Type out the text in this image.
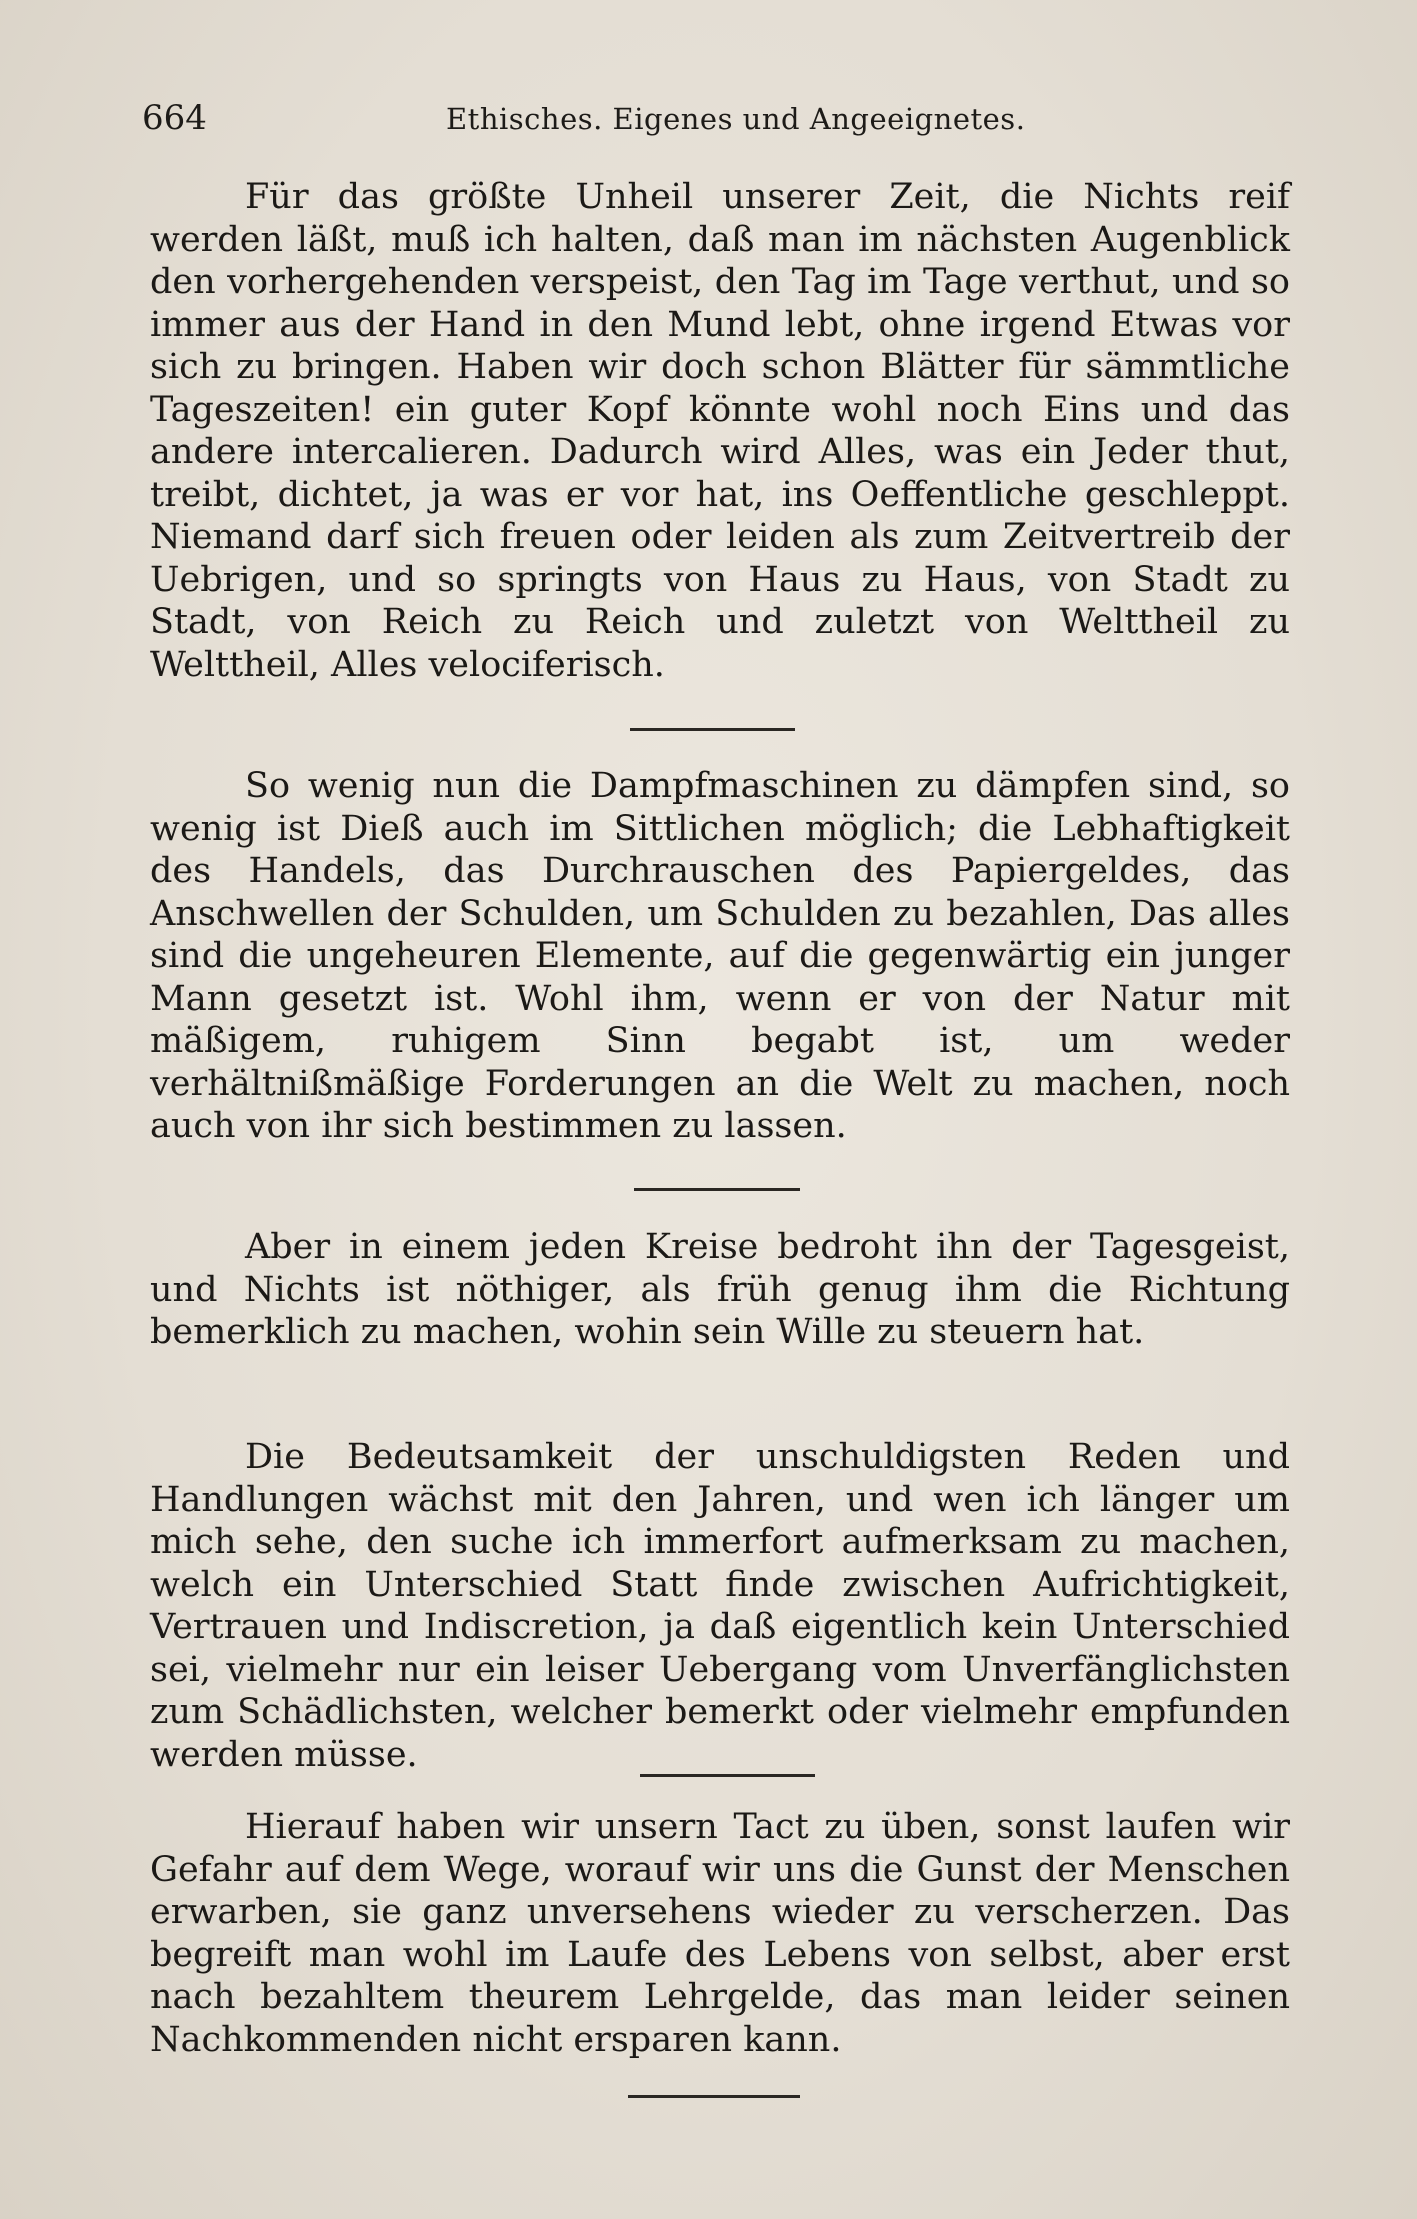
664	Ethisches. Eigenes und Angeeignetes.

Für das größte Unheil unserer Zeit, die Nichts reif werden läßt, muß ich halten, daß man im nächsten Augenblick den vorhergehenden verspeist, den Tag im Tage verthut, und so immer aus der Hand in den Mund lebt, ohne irgend Etwas vor sich zu bringen. Haben wir doch schon Blätter für sämmtliche Tageszeiten! ein guter Kopf könnte wohl noch Eins und das andere intercalieren. Dadurch wird Alles, was ein Jeder thut, treibt, dichtet, ja was er vor hat, ins Oeffentliche geschleppt. Niemand darf sich freuen oder leiden als zum Zeitvertreib der Uebrigen, und so springts von Haus zu Haus, von Stadt zu Stadt, von Reich zu Reich und zuletzt von Welttheil zu Welttheil, Alles velociferisch.

So wenig nun die Dampfmaschinen zu dämpfen sind, so wenig ist Dieß auch im Sittlichen möglich; die Lebhaftigkeit des Handels, das Durchrauschen des Papiergeldes, das Anschwellen der Schulden, um Schulden zu bezahlen, Das alles sind die ungeheuren Elemente, auf die gegenwärtig ein junger Mann gesetzt ist. Wohl ihm, wenn er von der Natur mit mäßigem, ruhigem Sinn begabt ist, um weder verhältnißmäßige Forderungen an die Welt zu machen, noch auch von ihr sich bestimmen zu lassen.

Aber in einem jeden Kreise bedroht ihn der Tagesgeist, und Nichts ist nöthiger, als früh genug ihm die Richtung bemerklich zu machen, wohin sein Wille zu steuern hat.

Die Bedeutsamkeit der unschuldigsten Reden und Handlungen wächst mit den Jahren, und wen ich länger um mich sehe, den suche ich immerfort aufmerksam zu machen, welch ein Unterschied Statt finde zwischen Aufrichtigkeit, Vertrauen und Indiscretion, ja daß eigentlich kein Unterschied sei, vielmehr nur ein leiser Uebergang vom Unverfänglichsten zum Schädlichsten, welcher bemerkt oder vielmehr empfunden werden müsse.

Hierauf haben wir unsern Tact zu üben, sonst laufen wir Gefahr auf dem Wege, worauf wir uns die Gunst der Menschen erwarben, sie ganz unversehens wieder zu verscherzen. Das begreift man wohl im Laufe des Lebens von selbst, aber erst nach bezahltem theurem Lehrgelde, das man leider seinen Nachkommenden nicht ersparen kann.
